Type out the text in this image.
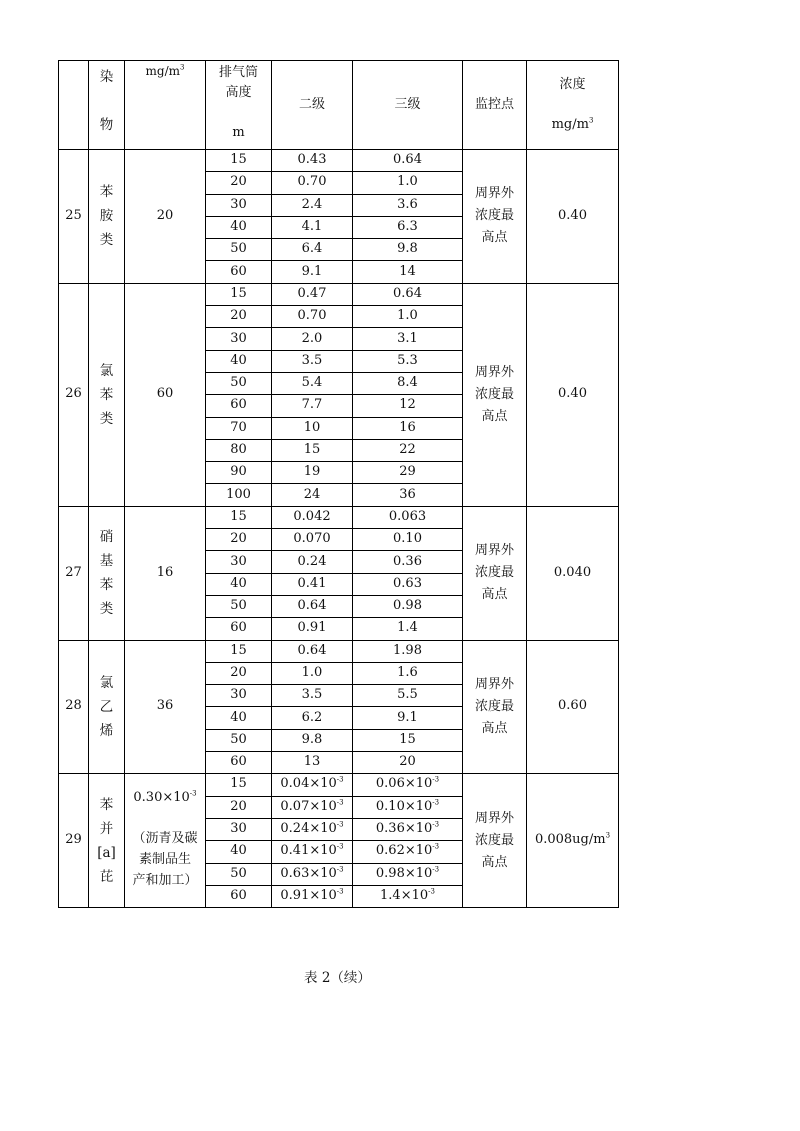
	染

物	$mg/m^3$	排气筒
高度

m	二级	三级	监控点	浓度
$mg/m^3$
25	苯
胺
类	20	15	0.43	0.64	周界外
浓度最
高点	0.40
			20	0.70	1.0		
			30	2.4	3.6		
			40	4.1	6.3		
			50	6.4	9.8		
			60	9.1	14		
26	氯
苯
类	60	15	0.47	0.64	周界外
浓度最
高点	0.40
			20	0.70	1.0		
			30	2.0	3.1		
			40	3.5	5.3		
			50	5.4	8.4		
			60	7.7	12		
			70	10	16		
			80	15	22		
			90	19	29		
			100	24	36		
27	硝
基
苯
类	16	15	0.042	0.063	周界外
浓度最
高点	0.040
			20	0.070	0.10		
			30	0.24	0.36		
			40	0.41	0.63		
			50	0.64	0.98		
			60	0.91	1.4		
28	氯
乙
烯	36	15	0.64	1.98	周界外
浓度最
高点	0.60
			20	1.0	1.6		
			30	3.5	5.5		
			40	6.2	9.1		
			50	9.8	15		
			60	13	20		
29	苯
并
[a]
芘	$0.30\times 10^{-3}$
（沥青及碳
素制品生
产和加工）	15	$0.04\times 10^{-3}$	$0.06\times 10^{-3}$	周界外
浓度最
高点	$0.008ug/m^3$
			20	$0.07\times 10^{-3}$	$0.10\times 10^{-3}$
			30	$0.24\times 10^{-3}$	$0.36\times 10^{-3}$
			40	$0.41\times 10^{-3}$	$0.62\times 10^{-3}$
			50	$0.63\times 10^{-3}$	$0.98\times 10^{-3}$
			60	$0.91\times 10^{-3}$	$1.4\times 10^{-3}$
表 2（续）
